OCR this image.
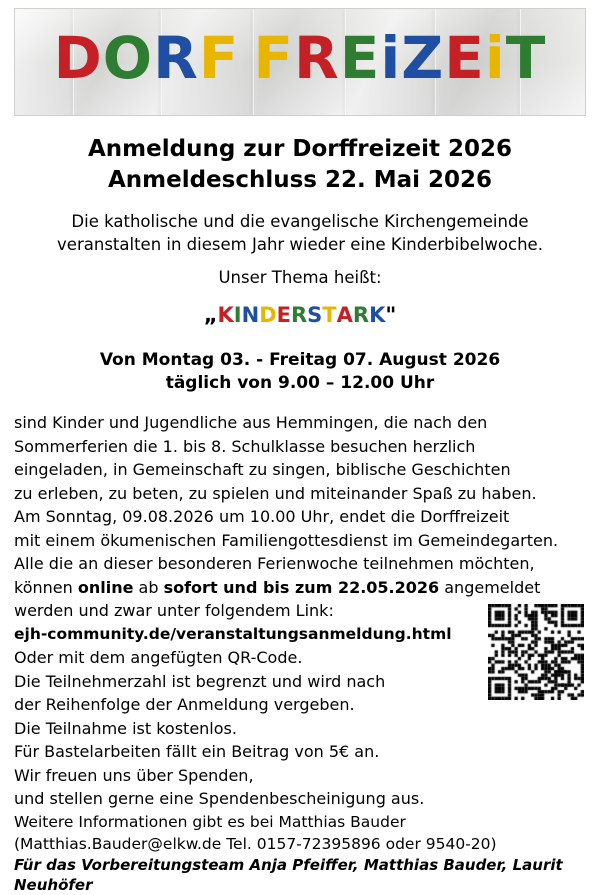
DORF FREiZEiT
Anmeldung zur Dorffreizeit 2026
Anmeldeschluss 22. Mai 2026
Die katholische und die evangelische Kirchengemeinde
veranstalten in diesem Jahr wieder eine Kinderbibelwoche.
Unser Thema heißt:
„KINDERSTARK"
Von Montag 03. - Freitag 07. August 2026
täglich von 9.00 – 12.00 Uhr

sind Kinder und Jugendliche aus Hemmingen, die nach den
Sommerferien die 1. bis 8. Schulklasse besuchen herzlich
eingeladen, in Gemeinschaft zu singen, biblische Geschichten
zu erleben, zu beten, zu spielen und miteinander Spaß zu haben.
Am Sonntag, 09.08.2026 um 10.00 Uhr, endet die Dorffreizeit
mit einem ökumenischen Familiengottesdienst im Gemeindegarten.

Alle die an dieser besonderen Ferienwoche teilnehmen möchten,
können online ab sofort und bis zum 22.05.2026 angemeldet
werden und zwar unter folgendem Link:

ejh-community.de/veranstaltungsanmeldung.html

Oder mit dem angefügten QR-Code.
Die Teilnehmerzahl ist begrenzt und wird nach
der Reihenfolge der Anmeldung vergeben.
Die Teilnahme ist kostenlos.
Für Bastelarbeiten fällt ein Beitrag von 5€ an.
Wir freuen uns über Spenden,
und stellen gerne eine Spendenbescheinigung aus.

Weitere Informationen gibt es bei Matthias Bauder
(Matthias.Bauder@elkw.de Tel. 0157-72395896 oder 9540-20)

Für das Vorbereitungsteam Anja Pfeiffer, Matthias Bauder, Laurit Neuhöfer
